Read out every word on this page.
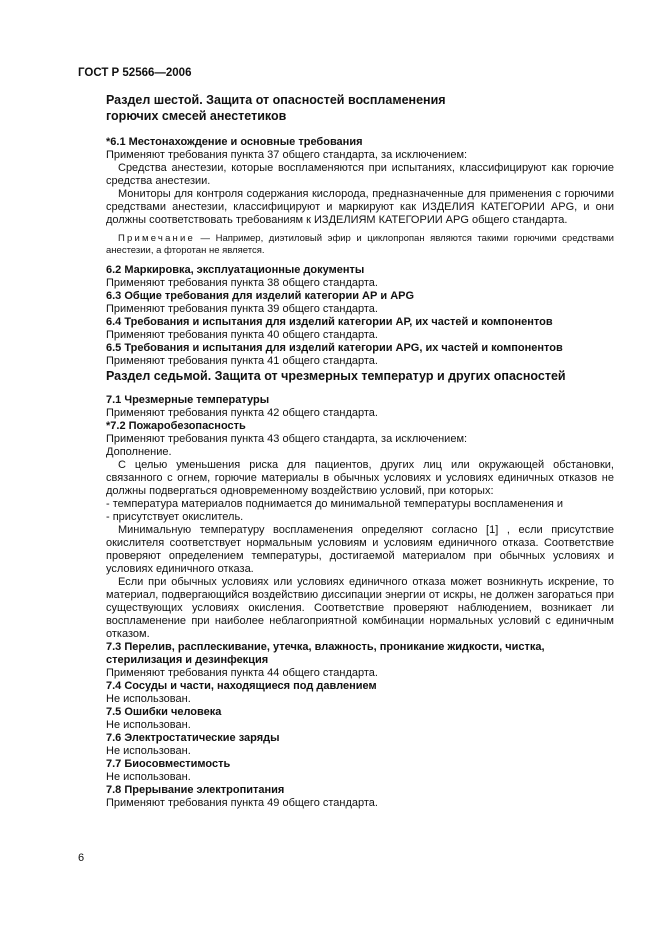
ГОСТ Р 52566—2006

Раздел шестой. Защита от опасностей воспламенения

горючих смесей анестетиков

*6.1 Местонахождение и основные требования

Применяют требования пункта 37 общего стандарта, за исключением:

Средства анестезии, которые воспламеняются при испытаниях, классифицируют как горючие средства анестезии.

Мониторы для контроля содержания кислорода, предназначенные для применения с горючими средствами анестезии, классифицируют и маркируют как ИЗДЕЛИЯ КАТЕГОРИИ APG, и они должны соответствовать требованиям к ИЗДЕЛИЯМ КАТЕГОРИИ APG общего стандарта.

Примечание — Например, диэтиловый эфир и циклопропан являются такими горючими средствами анестезии, а фторотан не является.

6.2 Маркировка, эксплуатационные документы

Применяют требования пункта 38 общего стандарта.

6.3 Общие требования для изделий категории АР и APG

Применяют требования пункта 39 общего стандарта.

6.4 Требования и испытания для изделий категории АР, их частей и компонентов

Применяют требования пункта 40 общего стандарта.

6.5 Требования и испытания для изделий категории APG, их частей и компонентов

Применяют требования пункта 41 общего стандарта.

Раздел седьмой. Защита от чрезмерных температур и других опасностей

7.1 Чрезмерные температуры

Применяют требования пункта 42 общего стандарта.

*7.2 Пожаробезопасность

Применяют требования пункта 43 общего стандарта, за исключением:

Дополнение.

С целью уменьшения риска для пациентов, других лиц или окружающей обстановки, связанного с огнем, горючие материалы в обычных условиях и условиях единичных отказов не должны подвергаться одновременному воздействию условий, при которых:

- температура материалов поднимается до минимальной температуры воспламенения и

- присутствует окислитель.

Минимальную температуру воспламенения определяют согласно [1] , если присутствие окислителя соответствует нормальным условиям и условиям единичного отказа. Соответствие проверяют определением температуры, достигаемой материалом при обычных условиях и условиях единичного отказа.

Если при обычных условиях или условиях единичного отказа может возникнуть искрение, то материал, подвергающийся воздействию диссипации энергии от искры, не должен загораться при существующих условиях окисления. Соответствие проверяют наблюдением, возникает ли воспламенение при наиболее неблагоприятной комбинации нормальных условий с единичным отказом.

7.3 Перелив, расплескивание, утечка, влажность, проникание жидкости, чистка, стерилизация и дезинфекция

Применяют требования пункта 44 общего стандарта.

7.4 Сосуды и части, находящиеся под давлением

Не использован.

7.5 Ошибки человека

Не использован.

7.6 Электростатические заряды

Не использован.

7.7 Биосовместимость

Не использован.

7.8 Прерывание электропитания

Применяют требования пункта 49 общего стандарта.

6
